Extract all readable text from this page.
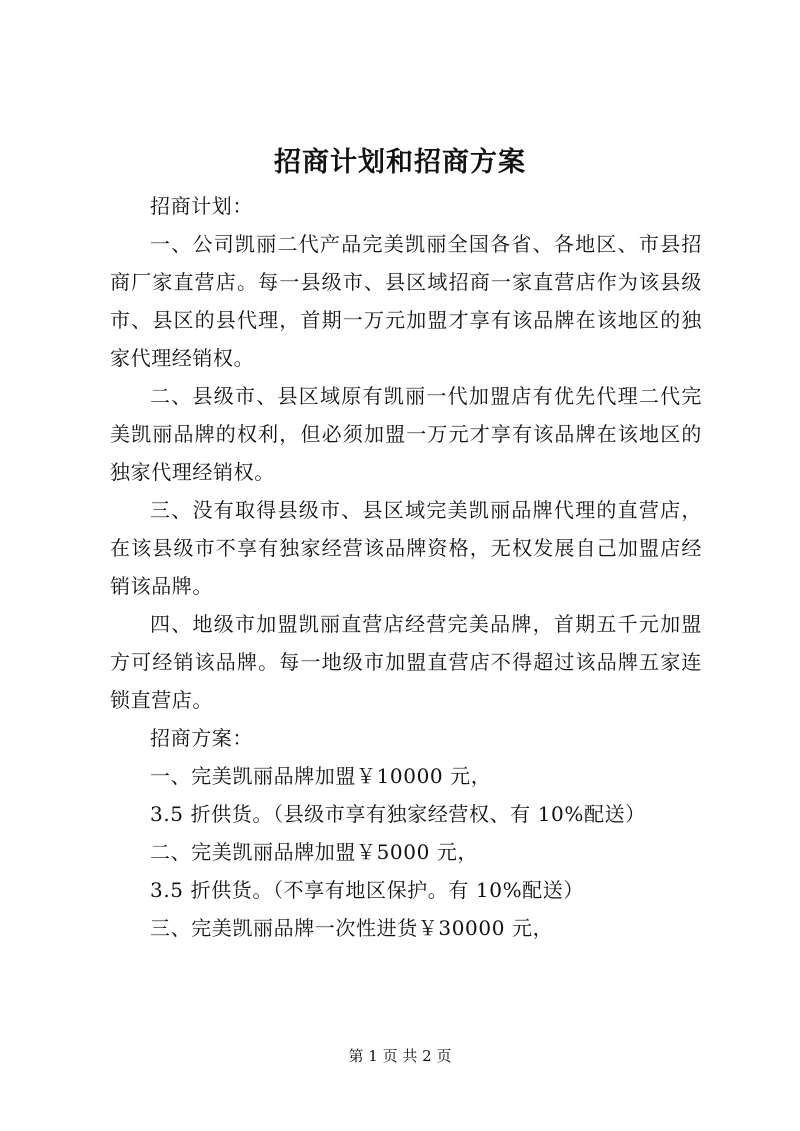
招商计划和招商方案

招商计划：

一、公司凯丽二代产品完美凯丽全国各省、各地区、市县招商厂家直营店。每一县级市、县区域招商一家直营店作为该县级市、县区的县代理，首期一万元加盟才享有该品牌在该地区的独家代理经销权。

二、县级市、县区域原有凯丽一代加盟店有优先代理二代完美凯丽品牌的权利，但必须加盟一万元才享有该品牌在该地区的独家代理经销权。

三、没有取得县级市、县区域完美凯丽品牌代理的直营店，在该县级市不享有独家经营该品牌资格，无权发展自己加盟店经销该品牌。

四、地级市加盟凯丽直营店经营完美品牌，首期五千元加盟方可经销该品牌。每一地级市加盟直营店不得超过该品牌五家连锁直营店。

招商方案：

一、完美凯丽品牌加盟￥10000 元，

3.5 折供货。（县级市享有独家经营权、有 10%配送）

二、完美凯丽品牌加盟￥5000 元，

3.5 折供货。（不享有地区保护。有 10%配送）

三、完美凯丽品牌一次性进货￥30000 元，

第 1 页 共 2 页
